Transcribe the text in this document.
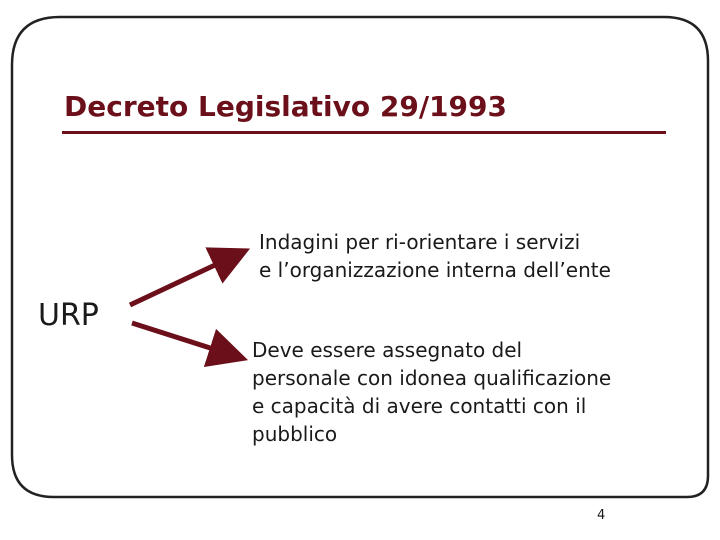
Decreto Legislativo 29/1993
URP
Indagini per ri-orientare i servizi
e l’organizzazione interna dell’ente
Deve essere assegnato del
personale con idonea qualificazione
e capacità di avere contatti con il
pubblico
4
